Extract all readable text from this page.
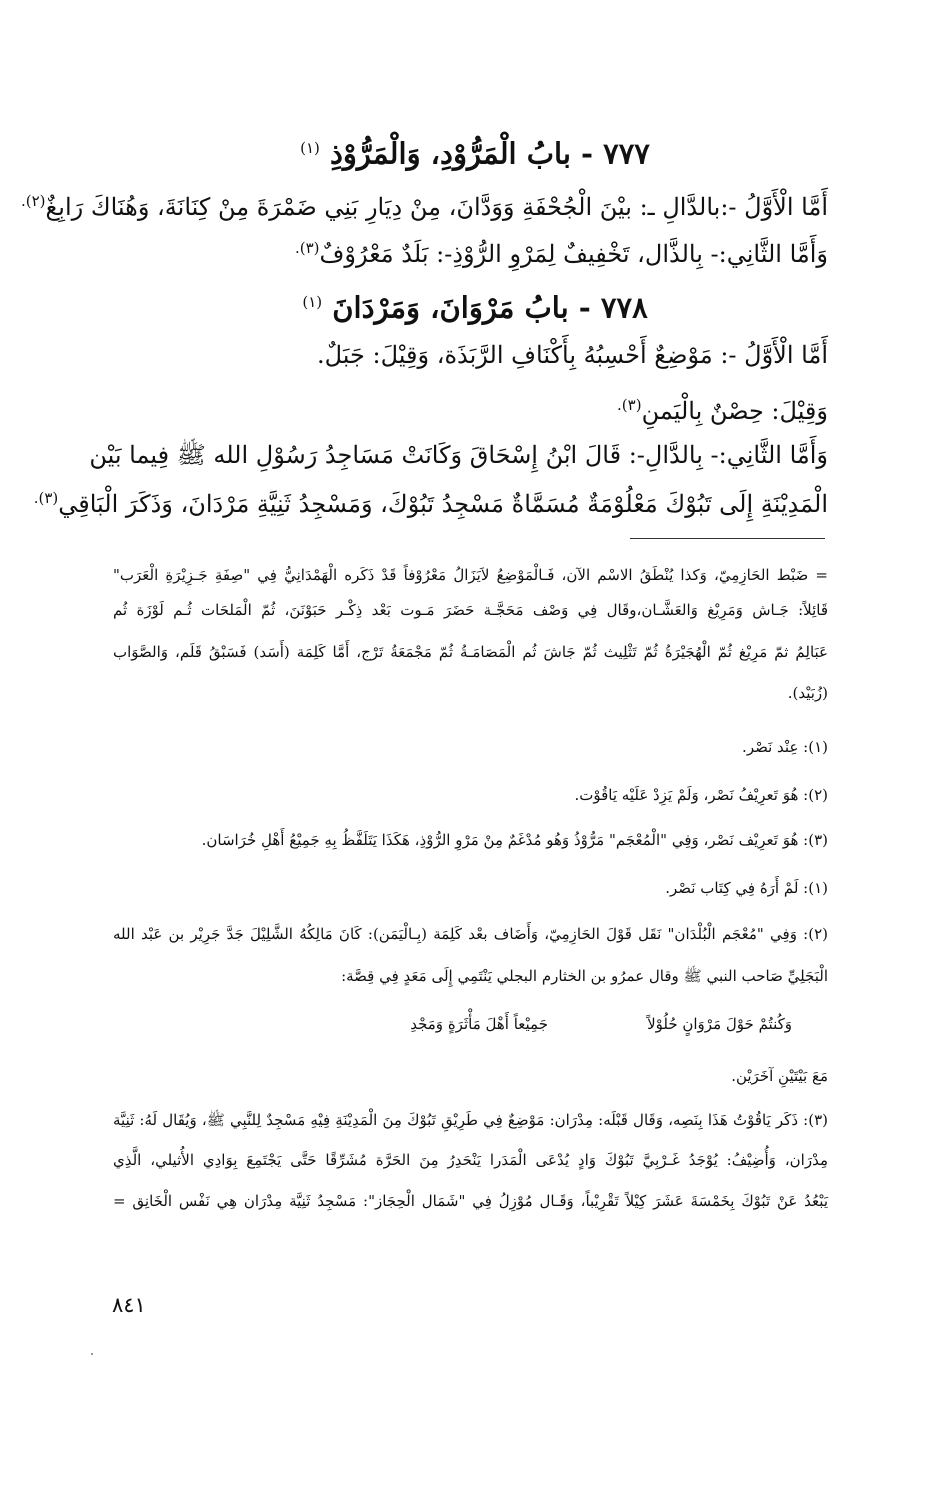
٧٧٧ - بابُ الْمَرُّوْدِ، وَالْمَرُّوْذِ $^{(١)}$
أَمَّا الْأَوَّلُ -:بالدَّالِ ـ: بيْنَ الْجُحْفَةِ وَوَدَّانَ، مِنْ دِيَارِ بَنِي ضَمْرَةَ مِنْ كِنَانَةَ، وَهُنَاكَ رَابِغٌ$^{(٢).}$
وَأَمَّا الثَّانِي:- بِالذَّال، تَخْفِيفٌ لِمَرْوِ الرُّوْذِ-: بَلَدٌ مَعْرُوْفٌ$^{(٣).}$
٧٧٨ - بابُ مَرْوَانَ، وَمَرْدَانَ $^{(١)}$
أَمَّا الْأَوَّلُ -: مَوْضِعٌ أَحْسِبُهُ بِأَكْنَافِ الرَّبَذَة، وَقِيْلَ: جَبَلٌ.
وَقِيْلَ: حِصْنٌ بِالْيَمنِ$^{(٣).}$
وَأَمَّا الثَّانِي:- بِالدَّالِ-: قَالَ ابْنُ إِسْحَاقَ وَكَانَتْ مَسَاجِدُ رَسُوْلِ الله ﷺ فِيما بَيْن
الْمَدِيْنَةِ إِلَى تَبُوْكَ مَعْلُوْمَةٌ مُسَمَّاةٌ مَسْجِدُ تَبُوْكَ، وَمَسْجِدُ ثَنِيَّةِ مَرْدَانَ، وَذَكَرَ الْبَاقِي$^{(٣).}$
= ضَبْط الحَازِمِيّ، وَكذا يُنْطَقُ الاسْم الآن، فَـالْمَوْضِعُ لاَيَزَالُ مَعْرُوْفاً قَدْ ذَكَره الْهَمْدَانِيُّ فِي "صِفَةِ جَـزِيْرَةِ الْعَرَب"
قَائِلاً: جَـاش وَمَرِيْغ وَالعَشَّـان،وقَال فِي وَصْف مَحَجَّـة حَضَرَ مَـوت بَعْد ذِكْـر حَبَوْنَنَ، ثُمّ الْمَلحَات ثُـم لَوْزَة ثُم
عَبَالِمُ ثمّ مَرِيْغ ثُمّ الْهُجَيْرَةُ ثُمّ تَثْلِيث ثُمّ جَاشَ ثُم الْمَصَامَـةُ ثُمّ مَجْمَعَةُ تَرْج، أَمَّا كَلِمَة (أَسَد) فَسَبْقُ قَلَم، وَالصَّوَاب
(زُبَيْد).
(١): عِنْد نَصْر.
(٢): هُوَ تَعرِيْفُ نَصْر، وَلَمْ يَزِدْ عَلَيْه يَاقُوْت.
(٣): هُوَ تَعرِيْف نَصْر، وَفِي "الْمُعْجَم" مَرُّوْذُ وَهُو مُدْغَمٌ مِنْ مَرْوِ الرُّوْذِ، هَكَذَا يَتَلَفَّظُ بِهِ جَمِيْعُ أَهْلِ خُرَاسَان.
(١): لَمْ أَرَهُ فِي كِتَاب نَصْر.
(٢): وَفِي "مُعْجَم الْبُلْدَان" نَقَل قَوْلَ الحَازِمِيّ، وَأَضَاف بعْد كَلِمَة (بِـالْيَمَن): كَانَ مَالِكُهُ الشَّلِيْلَ جَدَّ جَرِيْر بن عَبْد الله
الْبَجَلِيِّ صَاحب النبي ﷺ وقال عمرُو بن الخثارم البجلي يَنْتَمِي إِلَى مَعَدٍ فِي قِصَّة:
جَمِيْعاً أَهْلَ مَأْثَرَةٍ وَمَجْدِ	وَكُنتُمْ حَوْلَ مَرْوَانٍ حُلُوْلاً
مَعَ بَيْتَيْنِ آخَرَيْن.
(٣): ذَكَر يَاقُوْتُ هَذَا بِنَصِه، وَقَال قَبْلَه: مِدْرَان: مَوْضِعٌ فِي طَرِيْقِ تَبُوْكَ مِنَ الْمَدِيْنَةِ فِيْهِ مَسْجِدٌ لِلنَّبِي ﷺ، وَيُقَال لَهُ: ثَنِيَّة
مِدْرَان، وَأُضِيْفُ: يُوْجَدُ غَـرْبِيَّ تَبُوْكَ وَادٍ يُدْعَى الْمَدَرا يَنْحَدِرُ مِنَ الحَرَّة مُشَرِّقًا حَتَّى يَجْتَمِعَ بِوَادِي الأُثيلي، الَّذِي
يَبْعُدُ عَنْ تَبُوْكَ بِخَمْسَةَ عَشَرَ كِيْلاً تَقْرِيْباً، وَقَـال مُوْزِلُ فِي "شَمَال الْحِجَاز": مَسْجِدُ ثَنِيَّة مِدْرَان هِي نَفْس الْخَانِق =
٨٤١
